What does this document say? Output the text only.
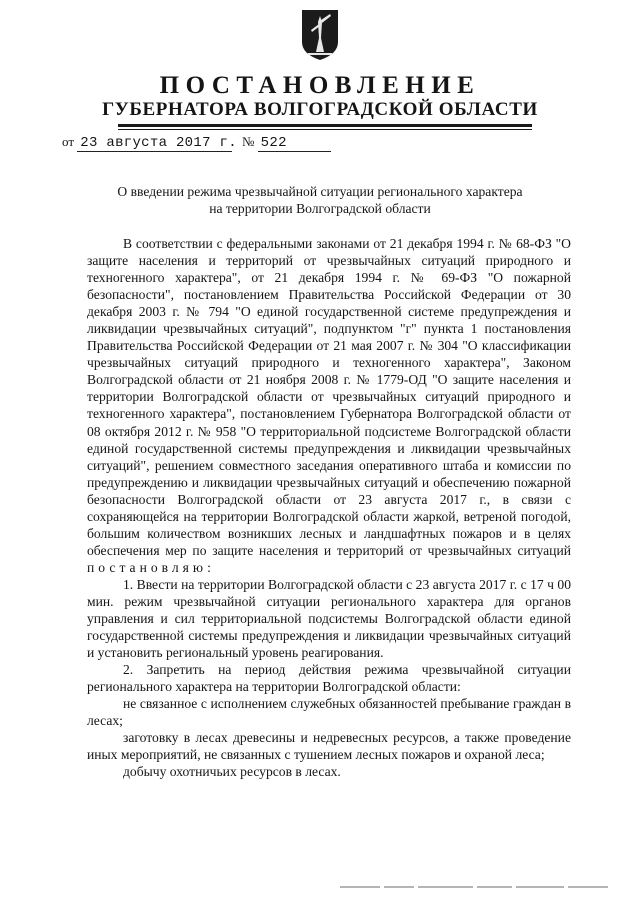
ПОСТАНОВЛЕНИЕ
ГУБЕРНАТОРА ВОЛГОГРАДСКОЙ ОБЛАСТИ
от 23 августа 2017 г. № 522
О введении режима чрезвычайной ситуации регионального характера
на территории Волгоградской области

В соответствии с федеральными законами от 21 декабря 1994 г. № 68-ФЗ "О защите населения и территорий от чрезвычайных ситуаций природного и техногенного характера", от 21 декабря 1994 г. № 69-ФЗ "О пожарной безопасности", постановлением Правительства Российской Федерации от 30 декабря 2003 г. № 794 "О единой государственной системе предупреждения и ликвидации чрезвычайных ситуаций", подпунктом "г" пункта 1 постановления Правительства Российской Федерации от 21 мая 2007 г. № 304 "О классификации чрезвычайных ситуаций природного и техногенного характера", Законом Волгоградской области от 21 ноября 2008 г. № 1779-ОД "О защите населения и территории Волгоградской области от чрезвычайных ситуаций природного и техногенного характера", постановлением Губернатора Волгоградской области от 08 октября 2012 г. № 958 "О территориальной подсистеме Волгоградской области единой государственной системы предупреждения и ликвидации чрезвычайных ситуаций", решением совместного заседания оперативного штаба и комиссии по предупреждению и ликвидации чрезвычайных ситуаций и обеспечению пожарной безопасности Волгоградской области от 23 августа 2017 г., в связи с сохраняющейся на территории Волгоградской области жаркой, ветреной погодой, большим количеством возникших лесных и ландшафтных пожаров и в целях обеспечения мер по защите населения и территорий от чрезвычайных ситуаций постановляю:

1. Ввести на территории Волгоградской области с 23 августа 2017 г. с 17 ч 00 мин. режим чрезвычайной ситуации регионального характера для органов управления и сил территориальной подсистемы Волгоградской области единой государственной системы предупреждения и ликвидации чрезвычайных ситуаций и установить региональный уровень реагирования.

2. Запретить на период действия режима чрезвычайной ситуации регионального характера на территории Волгоградской области:

не связанное с исполнением служебных обязанностей пребывание граждан в лесах;

заготовку в лесах древесины и недревесных ресурсов, а также проведение иных мероприятий, не связанных с тушением лесных пожаров и охраной леса;

добычу охотничьих ресурсов в лесах.
